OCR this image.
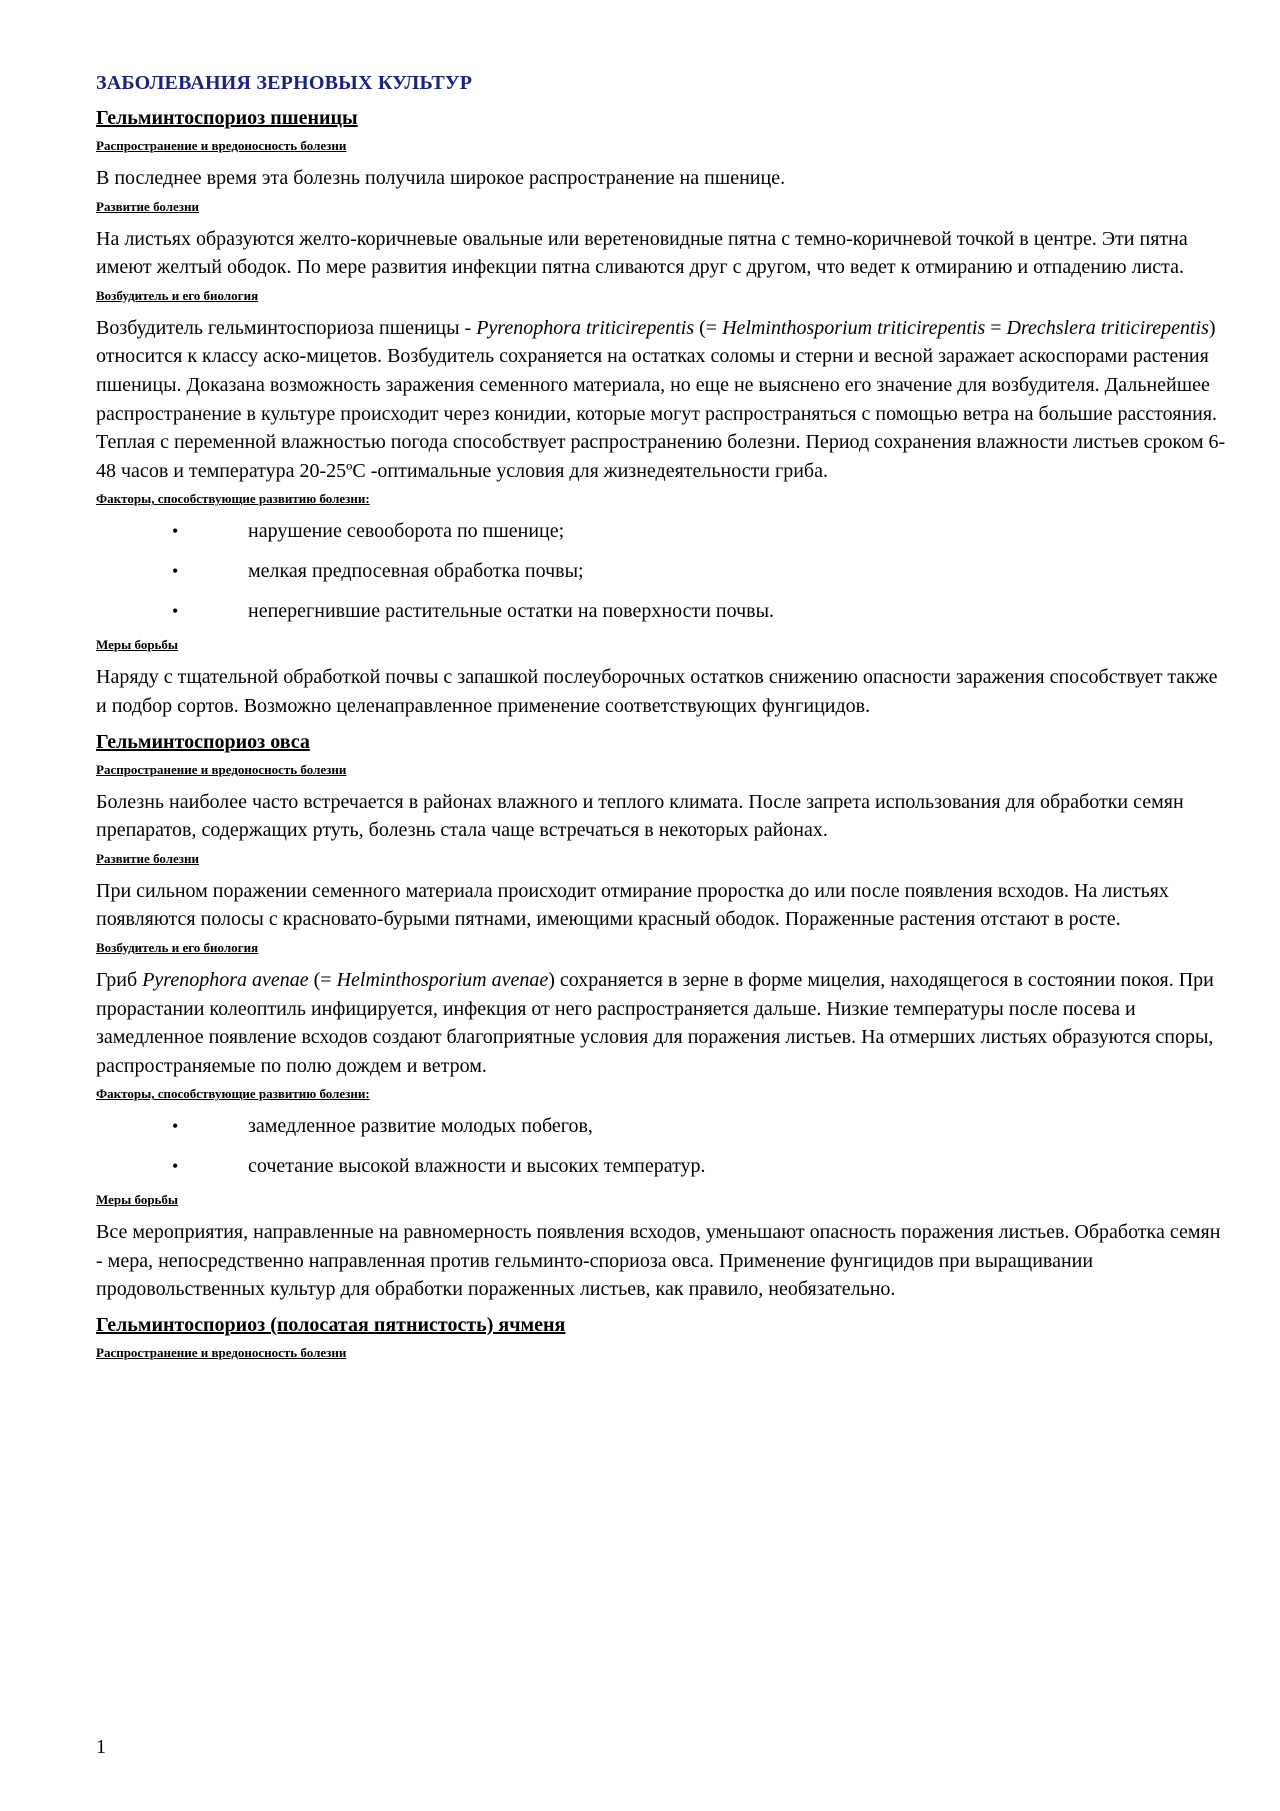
ЗАБОЛЕВАНИЯ ЗЕРНОВЫХ КУЛЬТУР
Гельминтоспориоз пшеницы
Распространение и вредоносность болезни

В последнее время эта болезнь получила широкое распространение на пшенице.

Развитие болезни

На листьях образуются желто-коричневые овальные или веретеновидные пятна с темно-коричневой точкой в центре. Эти пятна имеют желтый ободок. По мере развития инфекции пятна сливаются друг с другом, что ведет к отмиранию и отпадению листа.

Возбудитель и его биология

Возбудитель гельминтоспориоза пшеницы - Pyrenophora triticirepentis (= Helminthosporium triticirepentis = Drechslera triticirepentis) относится к классу аско-мицетов. Возбудитель сохраняется на остатках соломы и стерни и весной заражает аскоспорами растения пшеницы. Доказана возможность заражения семенного материала, но еще не выяснено его значение для возбудителя. Дальнейшее распространение в культуре происходит через конидии, которые могут распространяться с помощью ветра на большие расстояния. Теплая с переменной влажностью погода способствует распространению болезни. Период сохранения влажности листьев сроком 6-48 часов и температура 20-25ºС -оптимальные условия для жизнедеятельности гриба.

Факторы, способствующие развитию болезни:
•	нарушение севооборота по пшенице;
•	мелкая предпосевная обработка почвы;
•	неперегнившие растительные остатки на поверхности почвы.
Меры борьбы

Наряду с тщательной обработкой почвы с запашкой послеуборочных остатков снижению опасности заражения способствует также и подбор сортов. Возможно целенаправленное применение соответствующих фунгицидов.

Гельминтоспориоз овса
Распространение и вредоносность болезни

Болезнь наиболее часто встречается в районах влажного и теплого климата. После запрета использования для обработки семян препаратов, содержащих ртуть, болезнь стала чаще встречаться в некоторых районах.

Развитие болезни

При сильном поражении семенного материала происходит отмирание проростка до или после появления всходов. На листьях появляются полосы с красновато-бурыми пятнами, имеющими красный ободок. Пораженные растения отстают в росте.

Возбудитель и его биология

Гриб Pyrenophora avenae (= Helminthosporium avenae) сохраняется в зерне в форме мицелия, находящегося в состоянии покоя. При прорастании колеоптиль инфицируется, инфекция от него распространяется дальше. Низкие температуры после посева и замедленное появление всходов создают благоприятные условия для поражения листьев. На отмерших листьях образуются споры, распространяемые по полю дождем и ветром.

Факторы, способствующие развитию болезни:
•	замедленное развитие молодых побегов,
•	сочетание высокой влажности и высоких температур.
Меры борьбы

Все мероприятия, направленные на равномерность появления всходов, уменьшают опасность поражения листьев. Обработка семян - мера, непосредственно направленная против гельминто-спориоза овса. Применение фунгицидов при выращивании продовольственных культур для обработки пораженных листьев, как правило, необязательно.

Гельминтоспориоз (полосатая пятнистость) ячменя
Распространение и вредоносность болезни
1
